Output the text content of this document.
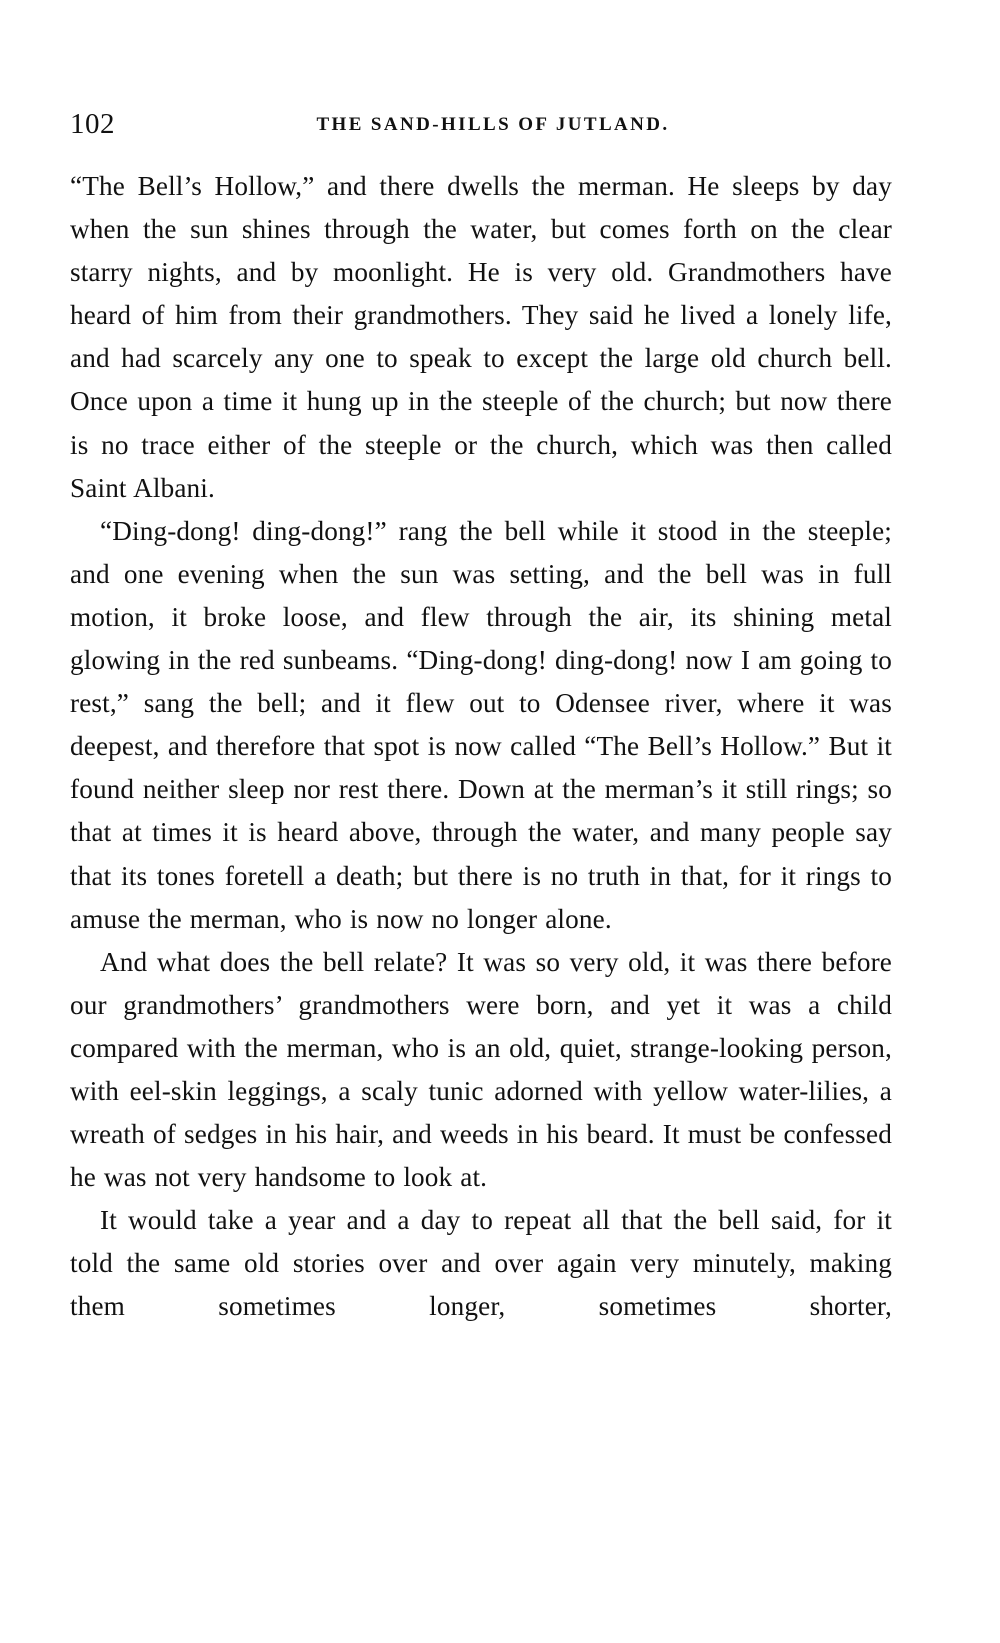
102	THE SAND-HILLS OF JUTLAND.

“The Bell’s Hollow,” and there dwells the merman. He sleeps by day when the sun shines through the water, but comes forth on the clear starry nights, and by moonlight. He is very old. Grandmothers have heard of him from their grandmothers. They said he lived a lonely life, and had scarcely any one to speak to except the large old church bell. Once upon a time it hung up in the steeple of the church; but now there is no trace either of the steeple or the church, which was then called Saint Albani.

“Ding-dong! ding-dong!” rang the bell while it stood in the steeple; and one evening when the sun was setting, and the bell was in full motion, it broke loose, and flew through the air, its shining metal glowing in the red sunbeams. “Ding-dong! ding-dong! now I am going to rest,” sang the bell; and it flew out to Odensee river, where it was deepest, and therefore that spot is now called “The Bell’s Hollow.” But it found neither sleep nor rest there. Down at the merman’s it still rings; so that at times it is heard above, through the water, and many people say that its tones foretell a death; but there is no truth in that, for it rings to amuse the merman, who is now no longer alone.

And what does the bell relate? It was so very old, it was there before our grandmothers’ grandmothers were born, and yet it was a child compared with the merman, who is an old, quiet, strange-looking person, with eel-skin leggings, a scaly tunic adorned with yellow water-lilies, a wreath of sedges in his hair, and weeds in his beard. It must be confessed he was not very handsome to look at.

It would take a year and a day to repeat all that the bell said, for it told the same old stories over and over again very minutely, making them sometimes longer, sometimes shorter,
